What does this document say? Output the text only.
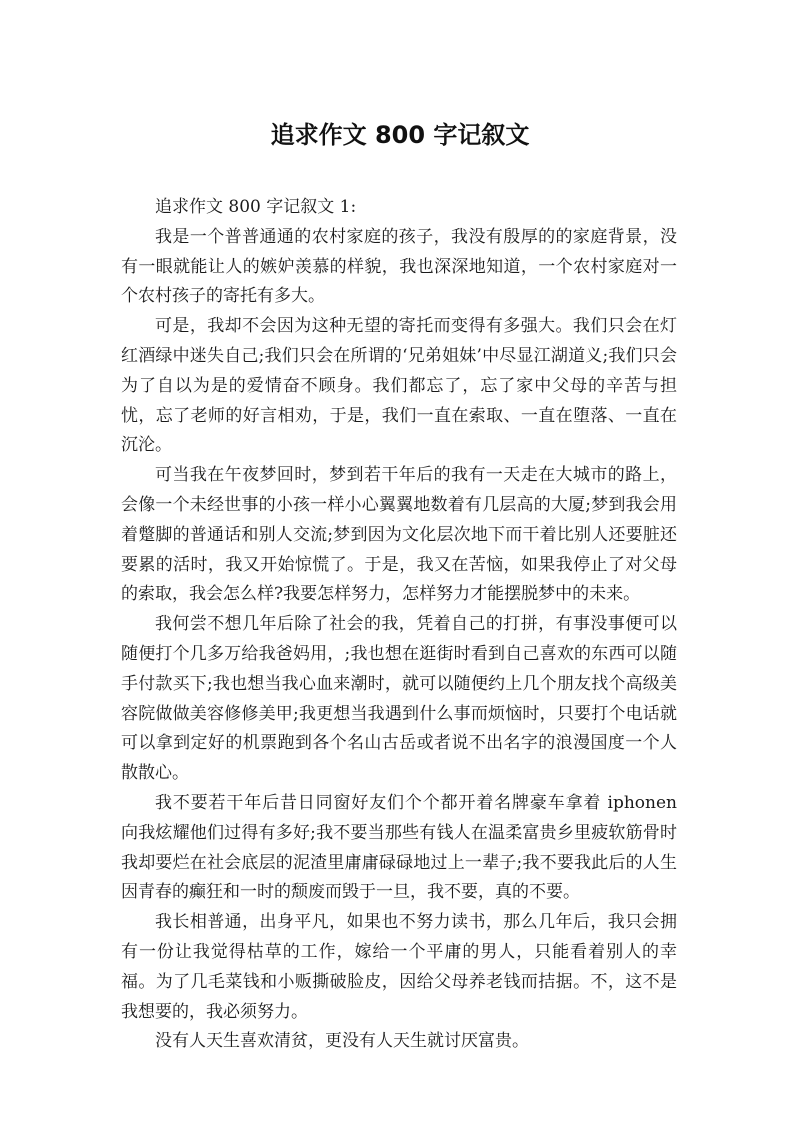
追求作文 800 字记叙文

追求作文 800 字记叙文 1:

我是一个普普通通的农村家庭的孩子，我没有殷厚的的家庭背景，没有一眼就能让人的嫉妒羡慕的样貌，我也深深地知道，一个农村家庭对一个农村孩子的寄托有多大。

可是，我却不会因为这种无望的寄托而变得有多强大。我们只会在灯红酒绿中迷失自己;我们只会在所谓的‘兄弟姐妹’中尽显江湖道义;我们只会为了自以为是的爱情奋不顾身。我们都忘了，忘了家中父母的辛苦与担忧，忘了老师的好言相劝，于是，我们一直在索取、一直在堕落、一直在沉沦。

可当我在午夜梦回时，梦到若干年后的我有一天走在大城市的路上，会像一个未经世事的小孩一样小心翼翼地数着有几层高的大厦;梦到我会用着蹩脚的普通话和别人交流;梦到因为文化层次地下而干着比别人还要脏还要累的活时，我又开始惊慌了。于是，我又在苦恼，如果我停止了对父母的索取，我会怎么样?我要怎样努力，怎样努力才能摆脱梦中的未来。

我何尝不想几年后除了社会的我，凭着自己的打拼，有事没事便可以随便打个几多万给我爸妈用，;我也想在逛街时看到自己喜欢的东西可以随手付款买下;我也想当我心血来潮时，就可以随便约上几个朋友找个高级美容院做做美容修修美甲;我更想当我遇到什么事而烦恼时，只要打个电话就可以拿到定好的机票跑到各个名山古岳或者说不出名字的浪漫国度一个人散散心。

我不要若干年后昔日同窗好友们个个都开着名牌豪车拿着 iphonen 向我炫耀他们过得有多好;我不要当那些有钱人在温柔富贵乡里疲软筋骨时我却要烂在社会底层的泥渣里庸庸碌碌地过上一辈子;我不要我此后的人生因青春的癫狂和一时的颓废而毁于一旦，我不要，真的不要。

我长相普通，出身平凡，如果也不努力读书，那么几年后，我只会拥有一份让我觉得枯草的工作，嫁给一个平庸的男人，只能看着别人的幸福。为了几毛菜钱和小贩撕破脸皮，因给父母养老钱而拮据。不，这不是我想要的，我必须努力。

没有人天生喜欢清贫，更没有人天生就讨厌富贵。
